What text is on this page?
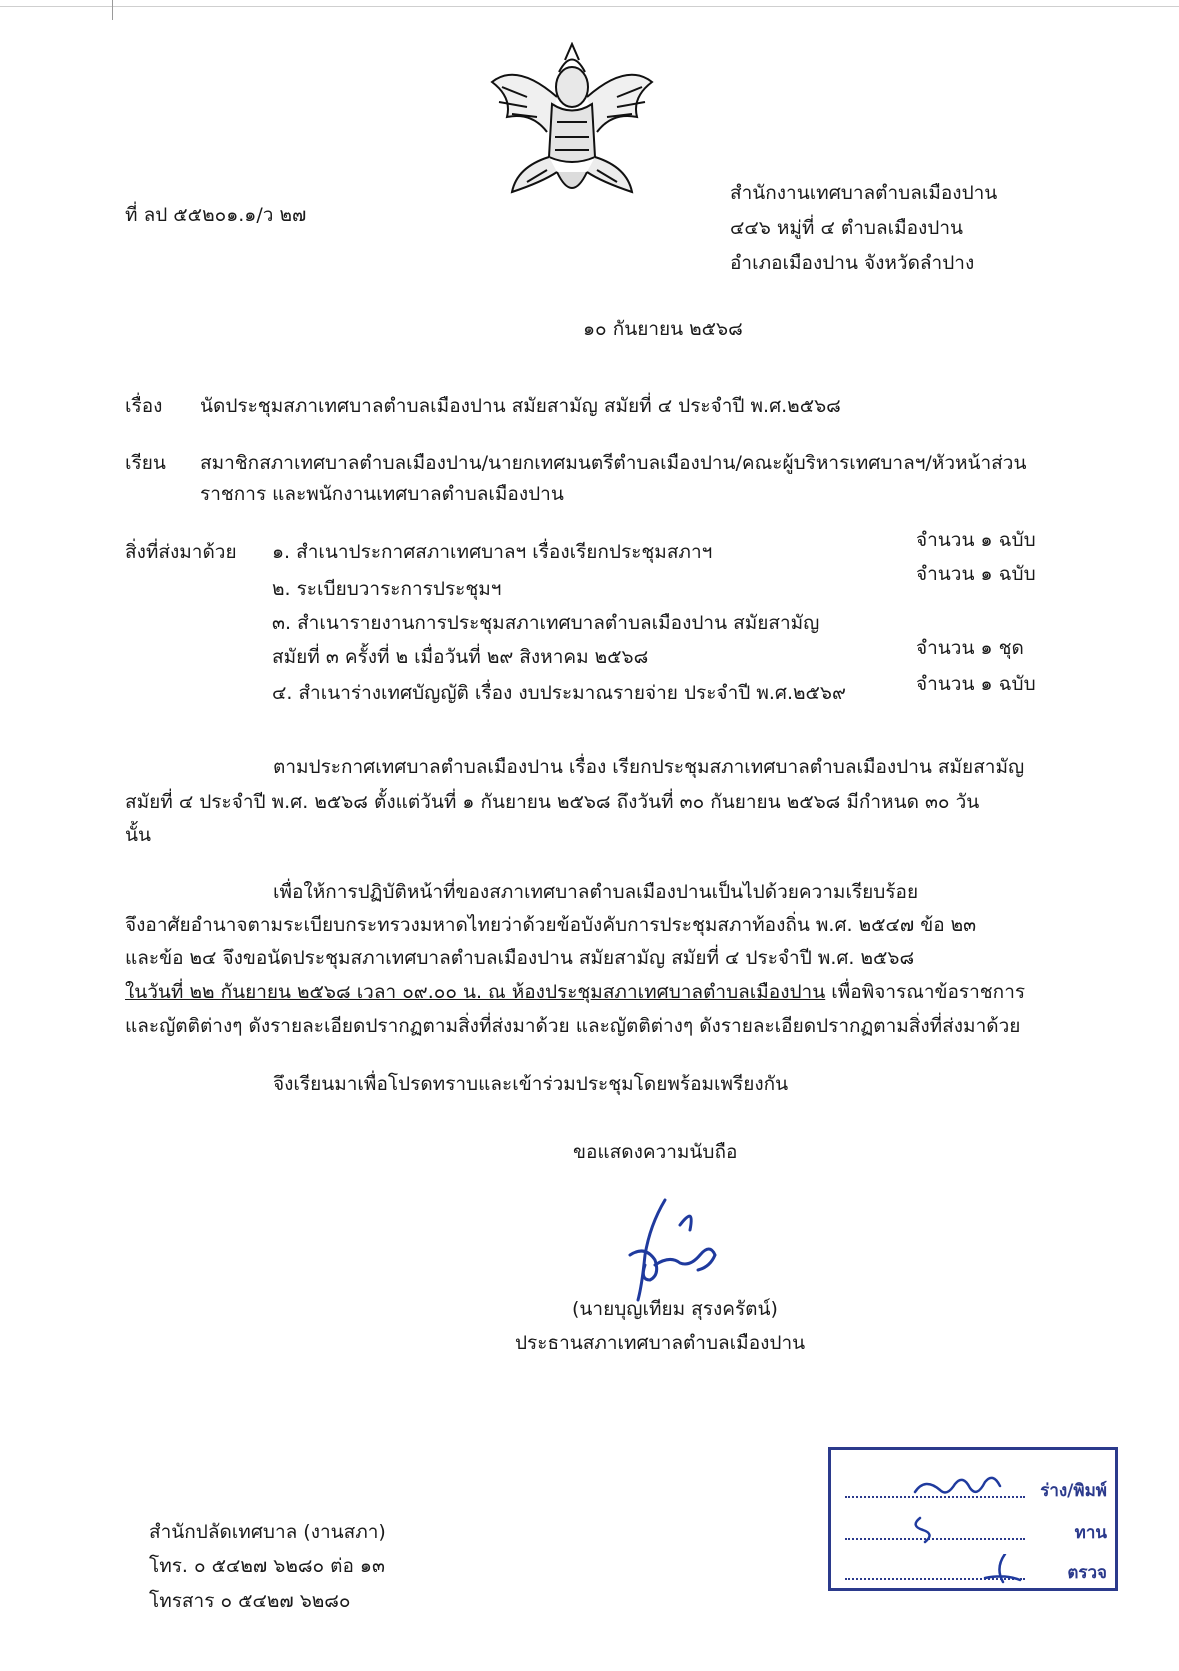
ที่ ลป ๕๕๒๐๑.๑/ว ๒๗
สำนักงานเทศบาลตำบลเมืองปาน
๔๔๖ หมู่ที่ ๔ ตำบลเมืองปาน
อำเภอเมืองปาน จังหวัดลำปาง
๑๐ กันยายน ๒๕๖๘
เรื่อง นัดประชุมสภาเทศบาลตำบลเมืองปาน สมัยสามัญ สมัยที่ ๔ ประจำปี พ.ศ.๒๕๖๘
เรียน สมาชิกสภาเทศบาลตำบลเมืองปาน/นายกเทศมนตรีตำบลเมืองปาน/คณะผู้บริหารเทศบาลฯ/หัวหน้าส่วน
ราชการ และพนักงานเทศบาลตำบลเมืองปาน
สิ่งที่ส่งมาด้วย ๑. สำเนาประกาศสภาเทศบาลฯ เรื่องเรียกประชุมสภาฯ
จำนวน ๑ ฉบับ
๒. ระเบียบวาระการประชุมฯ
จำนวน ๑ ฉบับ
๓. สำเนารายงานการประชุมสภาเทศบาลตำบลเมืองปาน สมัยสามัญ
สมัยที่ ๓ ครั้งที่ ๒ เมื่อวันที่ ๒๙ สิงหาคม ๒๕๖๘	จำนวน ๑ ชุด
๔. สำเนาร่างเทศบัญญัติ เรื่อง งบประมาณรายจ่าย ประจำปี พ.ศ.๒๕๖๙	จำนวน ๑ ฉบับ
ตามประกาศเทศบาลตำบลเมืองปาน เรื่อง เรียกประชุมสภาเทศบาลตำบลเมืองปาน สมัยสามัญ
สมัยที่ ๔ ประจำปี พ.ศ. ๒๕๖๘ ตั้งแต่วันที่ ๑ กันยายน ๒๕๖๘ ถึงวันที่ ๓๐ กันยายน ๒๕๖๘ มีกำหนด ๓๐ วัน
นั้น
เพื่อให้การปฏิบัติหน้าที่ของสภาเทศบาลตำบลเมืองปานเป็นไปด้วยความเรียบร้อย
จึงอาศัยอำนาจตามระเบียบกระทรวงมหาดไทยว่าด้วยข้อบังคับการประชุมสภาท้องถิ่น พ.ศ. ๒๕๔๗ ข้อ ๒๓
และข้อ ๒๔ จึงขอนัดประชุมสภาเทศบาลตำบลเมืองปาน สมัยสามัญ สมัยที่ ๔ ประจำปี พ.ศ. ๒๕๖๘
ในวันที่ ๒๒ กันยายน ๒๕๖๘ เวลา ๐๙.๐๐ น. ณ ห้องประชุมสภาเทศบาลตำบลเมืองปาน เพื่อพิจารณาข้อราชการ
และญัตติต่างๆ ดังรายละเอียดปรากฏตามสิ่งที่ส่งมาด้วย และญัตติต่างๆ ดังรายละเอียดปรากฏตามสิ่งที่ส่งมาด้วย
จึงเรียนมาเพื่อโปรดทราบและเข้าร่วมประชุมโดยพร้อมเพรียงกัน
ขอแสดงความนับถือ
(นายบุญเทียม สุรงครัตน์)
ประธานสภาเทศบาลตำบลเมืองปาน
สำนักปลัดเทศบาล (งานสภา)
โทร. ๐ ๕๔๒๗ ๖๒๘๐ ต่อ ๑๓
โทรสาร ๐ ๕๔๒๗ ๖๒๘๐
ร่าง/พิมพ์
ทาน
ตรวจ
